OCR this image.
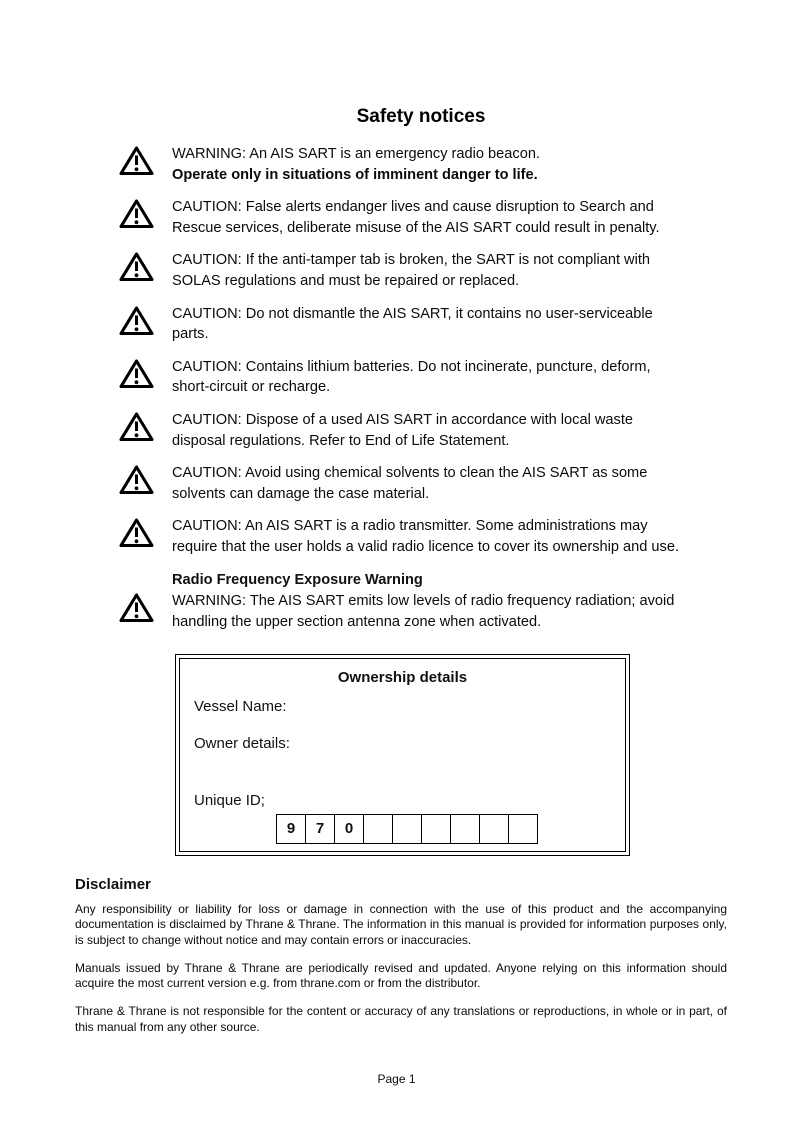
Safety notices
WARNING: An AIS SART is an emergency radio beacon.
Operate only in situations of imminent danger to life.
CAUTION: False alerts endanger lives and cause disruption to Search and
Rescue services, deliberate misuse of the AIS SART could result in penalty.
CAUTION: If the anti-tamper tab is broken, the SART is not compliant with
SOLAS regulations and must be repaired or replaced.
CAUTION: Do not dismantle the AIS SART, it contains no user-serviceable
parts.
CAUTION: Contains lithium batteries. Do not incinerate, puncture, deform,
short-circuit or recharge.
CAUTION: Dispose of a used AIS SART in accordance with local waste
disposal regulations. Refer to End of Life Statement.
CAUTION: Avoid using chemical solvents to clean the AIS SART as some
solvents can damage the case material.
CAUTION: An AIS SART is a radio transmitter. Some administrations may
require that the user holds a valid radio licence to cover its ownership and use.
Radio Frequency Exposure Warning
WARNING: The AIS SART emits low levels of radio frequency radiation; avoid
handling the upper section antenna zone when activated.
Ownership details
Vessel Name:
Owner details:
Unique ID;
9	7	0
Disclaimer

Any responsibility or liability for loss or damage in connection with the use of this product and the accompanying documentation is disclaimed by Thrane & Thrane. The information in this manual is provided for information purposes only, is subject to change without notice and may contain errors or inaccuracies.

Manuals issued by Thrane & Thrane are periodically revised and updated. Anyone relying on this information should acquire the most current version e.g. from thrane.com or from the distributor.

Thrane & Thrane is not responsible for the content or accuracy of any translations or reproductions, in whole or in part, of this manual from any other source.

Page 1
